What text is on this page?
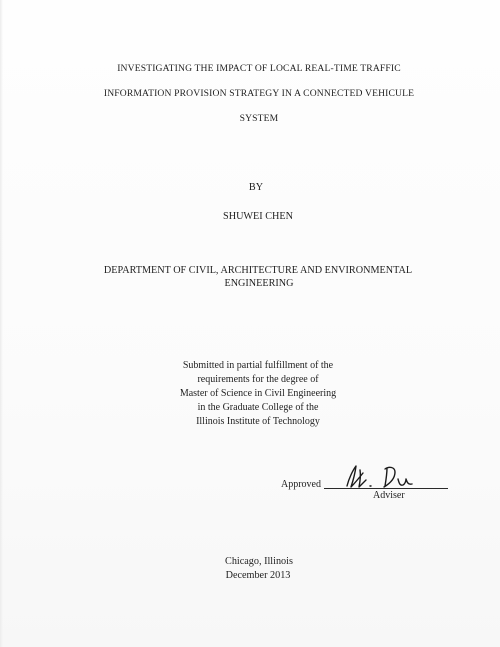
INVESTIGATING THE IMPACT OF LOCAL REAL-TIME TRAFFIC
INFORMATION PROVISION STRATEGY IN A CONNECTED VEHICULE
SYSTEM
BY
SHUWEI CHEN
DEPARTMENT OF CIVIL, ARCHITECTURE AND ENVIRONMENTAL
ENGINEERING
Submitted in partial fulfillment of the
requirements for the degree of
Master of Science in Civil Engineering
in the Graduate College of the
Illinois Institute of Technology
Approved
Adviser
Chicago, Illinois
December 2013
